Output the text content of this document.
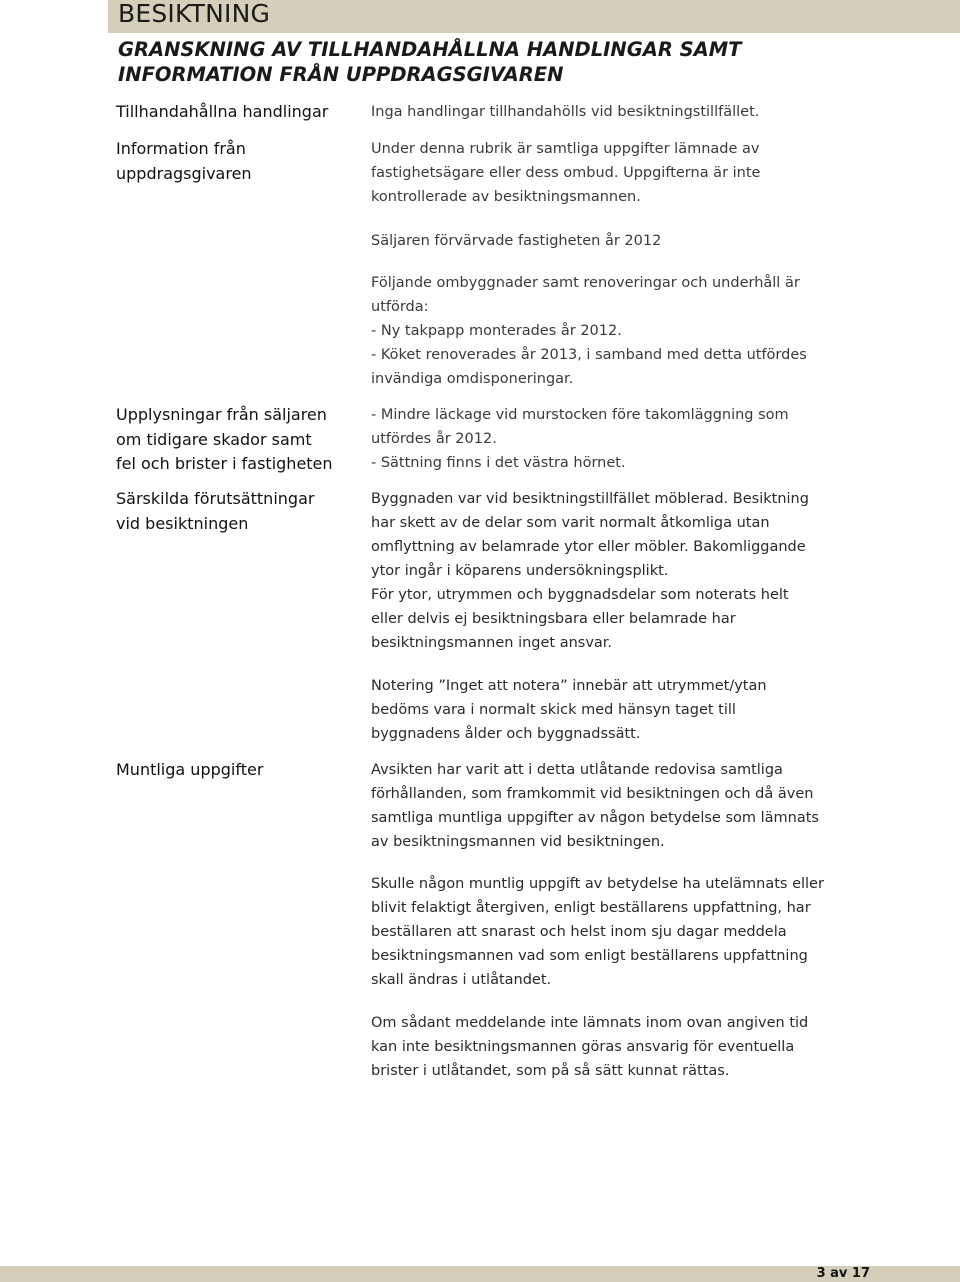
BESIKTNING
GRANSKNING AV TILLHANDAHÅLLNA HANDLINGAR SAMT INFORMATION FRÅN UPPDRAGSGIVAREN
Tillhandahållna handlingar	Inga handlingar tillhandahölls vid besiktningstillfället.

Information från uppdragsgivaren

Under denna rubrik är samtliga uppgifter lämnade av fastighetsägare eller dess ombud. Uppgifterna är inte kontrollerade av besiktningsmannen.

Säljaren förvärvade fastigheten år 2012

Följande ombyggnader samt renoveringar och underhåll är utförda:
- Ny takpapp monterades år 2012.
- Köket renoverades år 2013, i samband med detta utfördes invändiga omdisponeringar.
Upplysningar från säljaren om tidigare skador samt fel och brister i fastigheten
- Mindre läckage vid murstocken före takomläggning som utfördes år 2012.
- Sättning finns i det västra hörnet.
Särskilda förutsättningar vid besiktningen

Byggnaden var vid besiktningstillfället möblerad. Besiktning har skett av de delar som varit normalt åtkomliga utan omflyttning av belamrade ytor eller möbler. Bakomliggande ytor ingår i köparens undersökningsplikt.

För ytor, utrymmen och byggnadsdelar som noterats helt eller delvis ej besiktningsbara eller belamrade har besiktningsmannen inget ansvar.

Notering ”Inget att notera” innebär att utrymmet/ytan bedöms vara i normalt skick med hänsyn taget till byggnadens ålder och byggnadssätt.

Muntliga uppgifter	Avsikten har varit att i detta utlåtande redovisa samtliga förhållanden, som framkommit vid besiktningen och då även samtliga muntliga uppgifter av någon betydelse som lämnats av besiktningsmannen vid besiktningen.

Skulle någon muntlig uppgift av betydelse ha utelämnats eller blivit felaktigt återgiven, enligt beställarens uppfattning, har beställaren att snarast och helst inom sju dagar meddela besiktningsmannen vad som enligt beställarens uppfattning skall ändras i utlåtandet.

Om sådant meddelande inte lämnats inom ovan angiven tid kan inte besiktningsmannen göras ansvarig för eventuella brister i utlåtandet, som på så sätt kunnat rättas.

3 av 17
